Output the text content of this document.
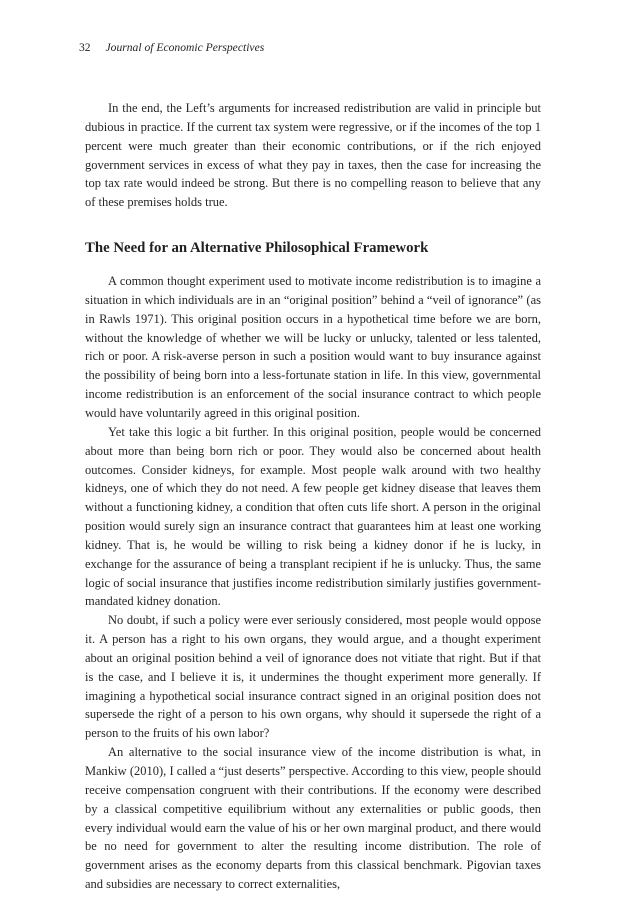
32 Journal of Economic Perspectives

In the end, the Left’s arguments for increased redistribution are valid in principle but dubious in practice. If the current tax system were regressive, or if the incomes of the top 1 percent were much greater than their economic contributions, or if the rich enjoyed government services in excess of what they pay in taxes, then the case for increasing the top tax rate would indeed be strong. But there is no compelling reason to believe that any of these premises holds true.

The Need for an Alternative Philosophical Framework

A common thought experiment used to motivate income redistribution is to imagine a situation in which individuals are in an “original position” behind a “veil of ignorance” (as in Rawls 1971). This original position occurs in a hypothetical time before we are born, without the knowledge of whether we will be lucky or unlucky, talented or less talented, rich or poor. A risk-averse person in such a position would want to buy insurance against the possibility of being born into a less-fortunate station in life. In this view, governmental income redistribution is an enforcement of the social insurance contract to which people would have voluntarily agreed in this original position.

Yet take this logic a bit further. In this original position, people would be concerned about more than being born rich or poor. They would also be concerned about health outcomes. Consider kidneys, for example. Most people walk around with two healthy kidneys, one of which they do not need. A few people get kidney disease that leaves them without a functioning kidney, a condition that often cuts life short. A person in the original position would surely sign an insurance contract that guarantees him at least one working kidney. That is, he would be willing to risk being a kidney donor if he is lucky, in exchange for the assurance of being a transplant recipient if he is unlucky. Thus, the same logic of social insurance that justifies income redistribution similarly justifies government-mandated kidney donation.

No doubt, if such a policy were ever seriously considered, most people would oppose it. A person has a right to his own organs, they would argue, and a thought experiment about an original position behind a veil of ignorance does not vitiate that right. But if that is the case, and I believe it is, it undermines the thought experiment more generally. If imagining a hypothetical social insurance contract signed in an original position does not supersede the right of a person to his own organs, why should it supersede the right of a person to the fruits of his own labor?

An alternative to the social insurance view of the income distribution is what, in Mankiw (2010), I called a “just deserts” perspective. According to this view, people should receive compensation congruent with their contributions. If the economy were described by a classical competitive equilibrium without any externalities or public goods, then every individual would earn the value of his or her own marginal product, and there would be no need for government to alter the resulting income distribution. The role of government arises as the economy departs from this classical benchmark. Pigovian taxes and subsidies are necessary to correct externalities,
